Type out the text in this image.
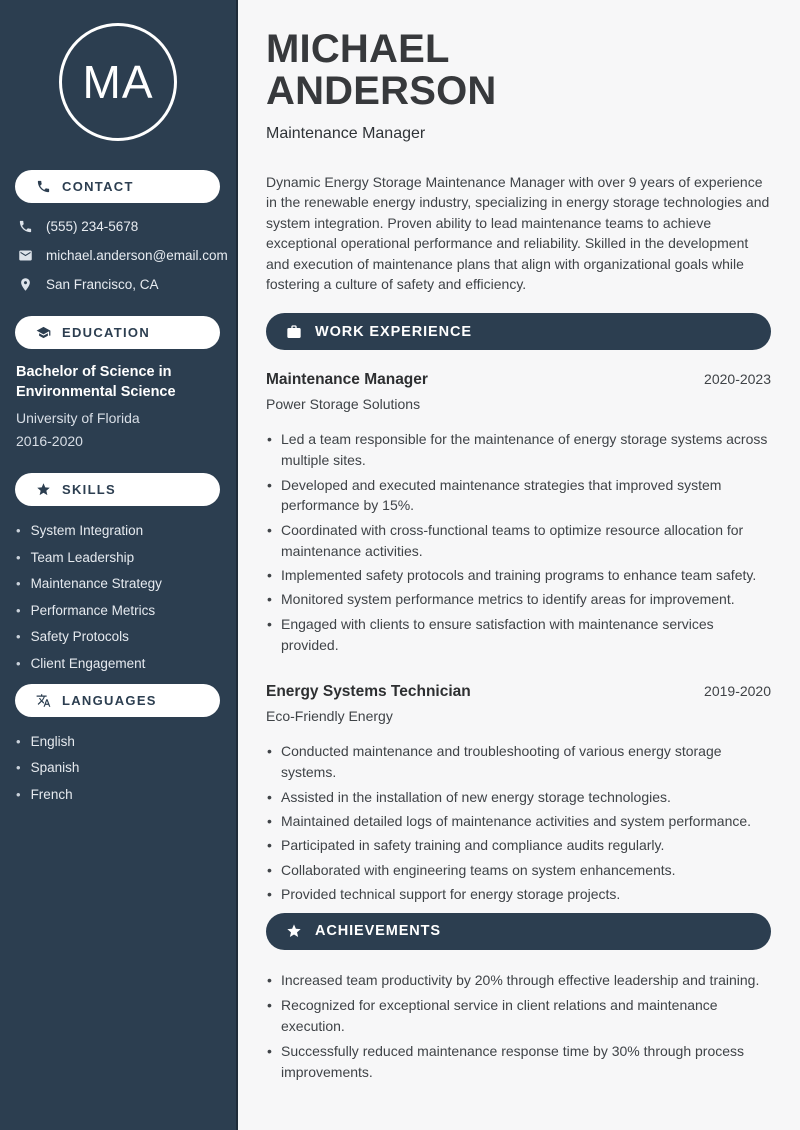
MA
CONTACT
(555) 234-5678
michael.anderson@email.com
San Francisco, CA
EDUCATION
Bachelor of Science in Environmental Science
University of Florida
2016-2020
SKILLS
• System Integration
• Team Leadership
• Maintenance Strategy
• Performance Metrics
• Safety Protocols
• Client Engagement
LANGUAGES
• English
• Spanish
• French
MICHAEL
ANDERSON
Maintenance Manager

Dynamic Energy Storage Maintenance Manager with over 9 years of experience in the renewable energy industry, specializing in energy storage technologies and system integration. Proven ability to lead maintenance teams to achieve exceptional operational performance and reliability. Skilled in the development and execution of maintenance plans that align with organizational goals while fostering a culture of safety and efficiency.

WORK EXPERIENCE
Maintenance Manager	2020-2023
Power Storage Solutions
• Led a team responsible for the maintenance of energy storage systems across multiple sites.
• Developed and executed maintenance strategies that improved system performance by 15%.
• Coordinated with cross-functional teams to optimize resource allocation for maintenance activities.
• Implemented safety protocols and training programs to enhance team safety.
• Monitored system performance metrics to identify areas for improvement.
• Engaged with clients to ensure satisfaction with maintenance services provided.
Energy Systems Technician	2019-2020
Eco-Friendly Energy
• Conducted maintenance and troubleshooting of various energy storage systems.
• Assisted in the installation of new energy storage technologies.
• Maintained detailed logs of maintenance activities and system performance.
• Participated in safety training and compliance audits regularly.
• Collaborated with engineering teams on system enhancements.
• Provided technical support for energy storage projects.
ACHIEVEMENTS
• Increased team productivity by 20% through effective leadership and training.
• Recognized for exceptional service in client relations and maintenance execution.
• Successfully reduced maintenance response time by 30% through process improvements.
